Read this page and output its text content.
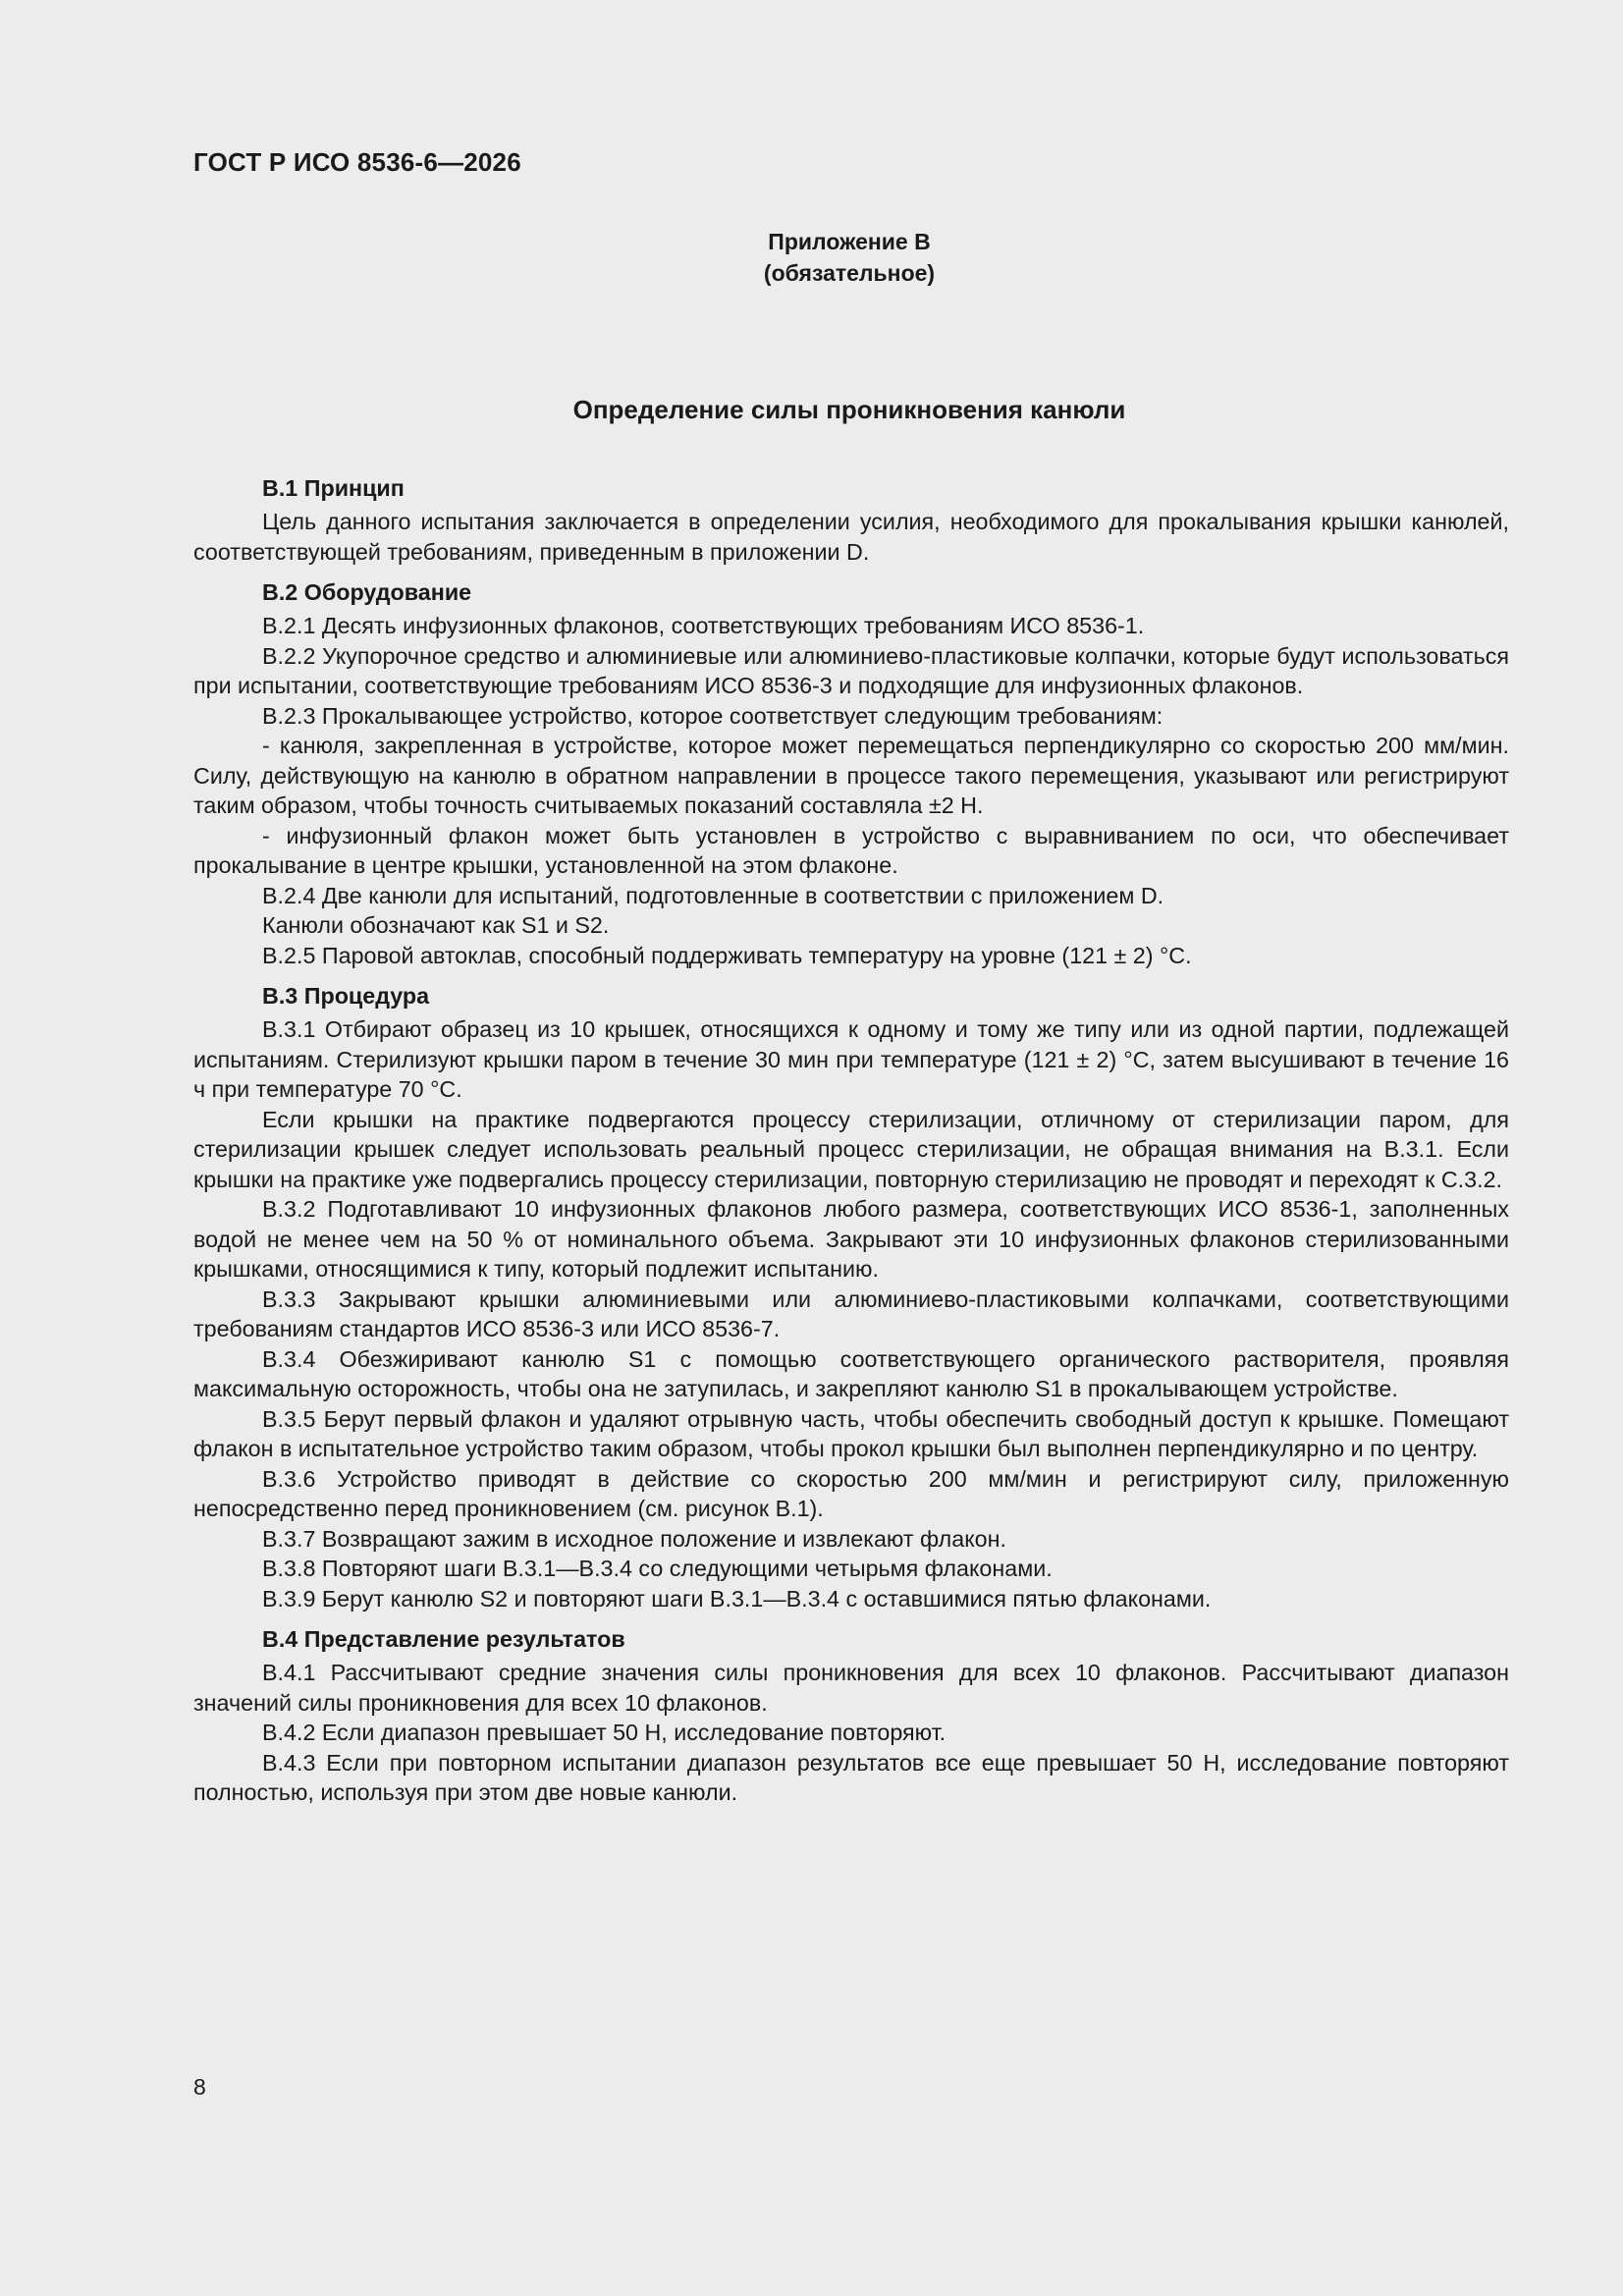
ГОСТ Р ИСО 8536-6—2026
Приложение В
(обязательное)
Определение силы проникновения канюли
В.1 Принцип

Цель данного испытания заключается в определении усилия, необходимого для прокалывания крышки канюлей, соответствующей требованиям, приведенным в приложении D.

В.2 Оборудование

В.2.1 Десять инфузионных флаконов, соответствующих требованиям ИСО 8536-1.

В.2.2 Укупорочное средство и алюминиевые или алюминиево-пластиковые колпачки, которые будут использоваться при испытании, соответствующие требованиям ИСО 8536-3 и подходящие для инфузионных флаконов.

В.2.3 Прокалывающее устройство, которое соответствует следующим требованиям:

- канюля, закрепленная в устройстве, которое может перемещаться перпендикулярно со скоростью 200 мм/мин. Силу, действующую на канюлю в обратном направлении в процессе такого перемещения, указывают или регистрируют таким образом, чтобы точность считываемых показаний составляла ±2 Н.

- инфузионный флакон может быть установлен в устройство с выравниванием по оси, что обеспечивает прокалывание в центре крышки, установленной на этом флаконе.

В.2.4 Две канюли для испытаний, подготовленные в соответствии с приложением D.

Канюли обозначают как S1 и S2.

В.2.5 Паровой автоклав, способный поддерживать температуру на уровне (121 ± 2) °С.

В.3 Процедура

В.3.1 Отбирают образец из 10 крышек, относящихся к одному и тому же типу или из одной партии, подлежащей испытаниям. Стерилизуют крышки паром в течение 30 мин при температуре (121 ± 2) °С, затем высушивают в течение 16 ч при температуре 70 °С.

Если крышки на практике подвергаются процессу стерилизации, отличному от стерилизации паром, для стерилизации крышек следует использовать реальный процесс стерилизации, не обращая внимания на В.3.1. Если крышки на практике уже подвергались процессу стерилизации, повторную стерилизацию не проводят и переходят к С.3.2.

В.3.2 Подготавливают 10 инфузионных флаконов любого размера, соответствующих ИСО 8536-1, заполненных водой не менее чем на 50 % от номинального объема. Закрывают эти 10 инфузионных флаконов стерилизованными крышками, относящимися к типу, который подлежит испытанию.

В.3.3 Закрывают крышки алюминиевыми или алюминиево-пластиковыми колпачками, соответствующими требованиям стандартов ИСО 8536-3 или ИСО 8536-7.

В.3.4 Обезжиривают канюлю S1 с помощью соответствующего органического растворителя, проявляя максимальную осторожность, чтобы она не затупилась, и закрепляют канюлю S1 в прокалывающем устройстве.

В.3.5 Берут первый флакон и удаляют отрывную часть, чтобы обеспечить свободный доступ к крышке. Помещают флакон в испытательное устройство таким образом, чтобы прокол крышки был выполнен перпендикулярно и по центру.

В.3.6 Устройство приводят в действие со скоростью 200 мм/мин и регистрируют силу, приложенную непосредственно перед проникновением (см. рисунок В.1).

В.3.7 Возвращают зажим в исходное положение и извлекают флакон.

В.3.8 Повторяют шаги В.3.1—В.3.4 со следующими четырьмя флаконами.

В.3.9 Берут канюлю S2 и повторяют шаги В.3.1—В.3.4 с оставшимися пятью флаконами.

В.4 Представление результатов

В.4.1 Рассчитывают средние значения силы проникновения для всех 10 флаконов. Рассчитывают диапазон значений силы проникновения для всех 10 флаконов.

В.4.2 Если диапазон превышает 50 Н, исследование повторяют.

В.4.3 Если при повторном испытании диапазон результатов все еще превышает 50 Н, исследование повторяют полностью, используя при этом две новые канюли.

8
